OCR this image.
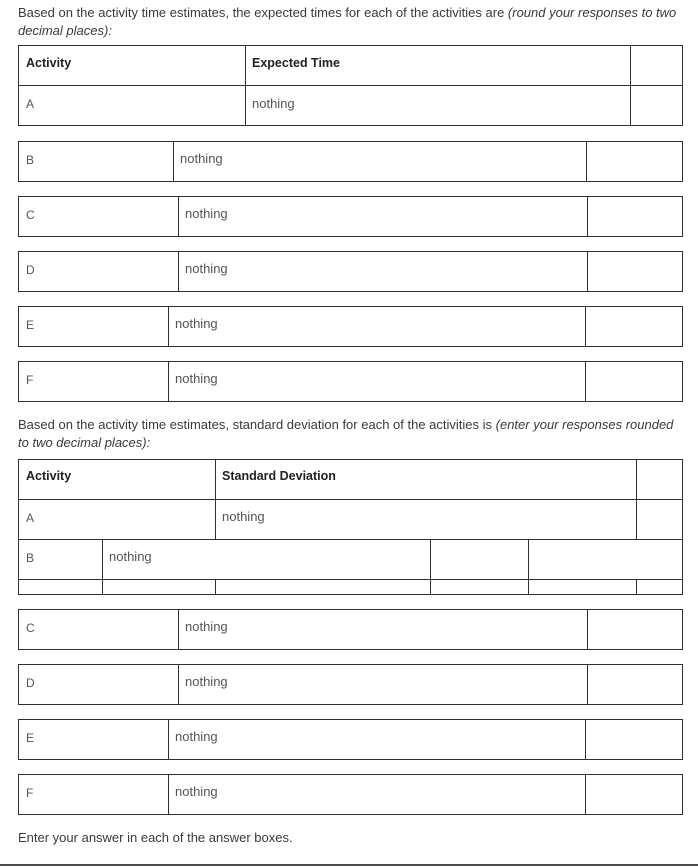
Based on the activity time estimates, the expected times for each of the activities are (round your responses to two decimal places):
Activity	Expected Time
A	nothing
B	nothing
C	nothing
D	nothing
E	nothing
F	nothing
Based on the activity time estimates, standard deviation for each of the activities is (enter your responses rounded to two decimal places):
Activity	Standard Deviation
A	nothing
B	nothing
C	nothing
D	nothing
E	nothing
F	nothing
Enter your answer in each of the answer boxes.
